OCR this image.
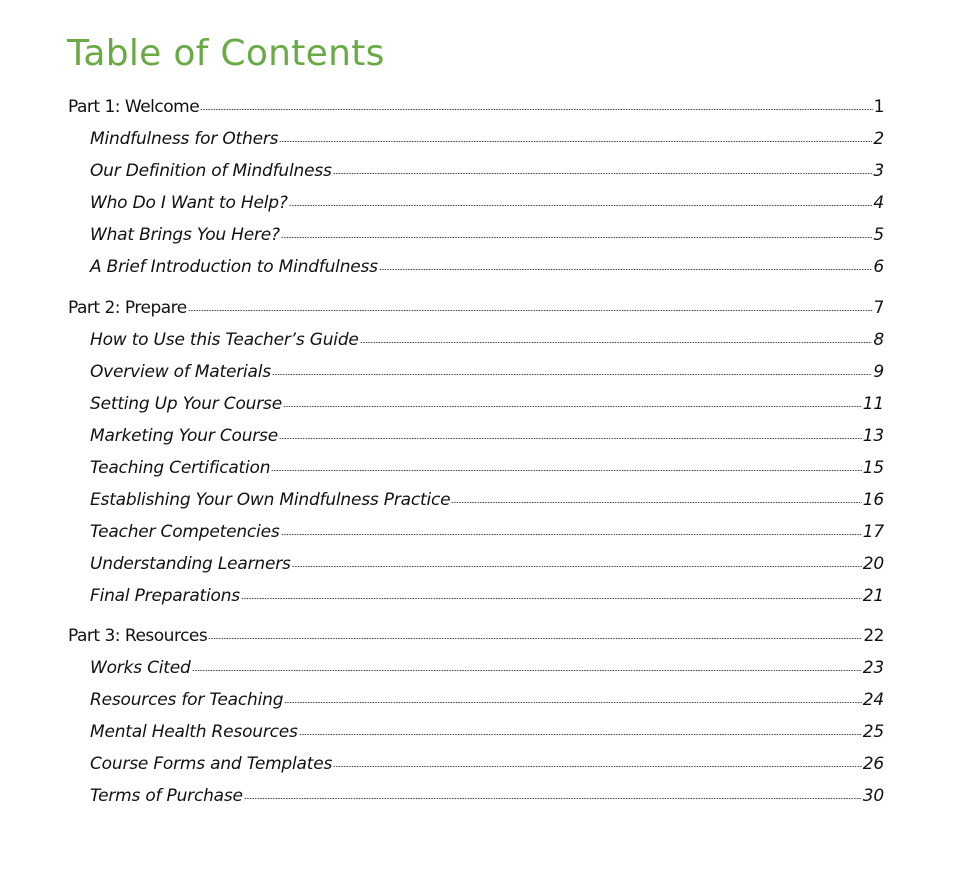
Table of Contents
Part 1: Welcome	1
Mindfulness for Others	2
Our Definition of Mindfulness	3
Who Do I Want to Help?	4
What Brings You Here?	5
A Brief Introduction to Mindfulness	6
Part 2: Prepare	7
How to Use this Teacher’s Guide	8
Overview of Materials	9
Setting Up Your Course	11
Marketing Your Course	13
Teaching Certification	15
Establishing Your Own Mindfulness Practice	16
Teacher Competencies	17
Understanding Learners	20
Final Preparations	21
Part 3: Resources	22
Works Cited	23
Resources for Teaching	24
Mental Health Resources	25
Course Forms and Templates	26
Terms of Purchase	30
